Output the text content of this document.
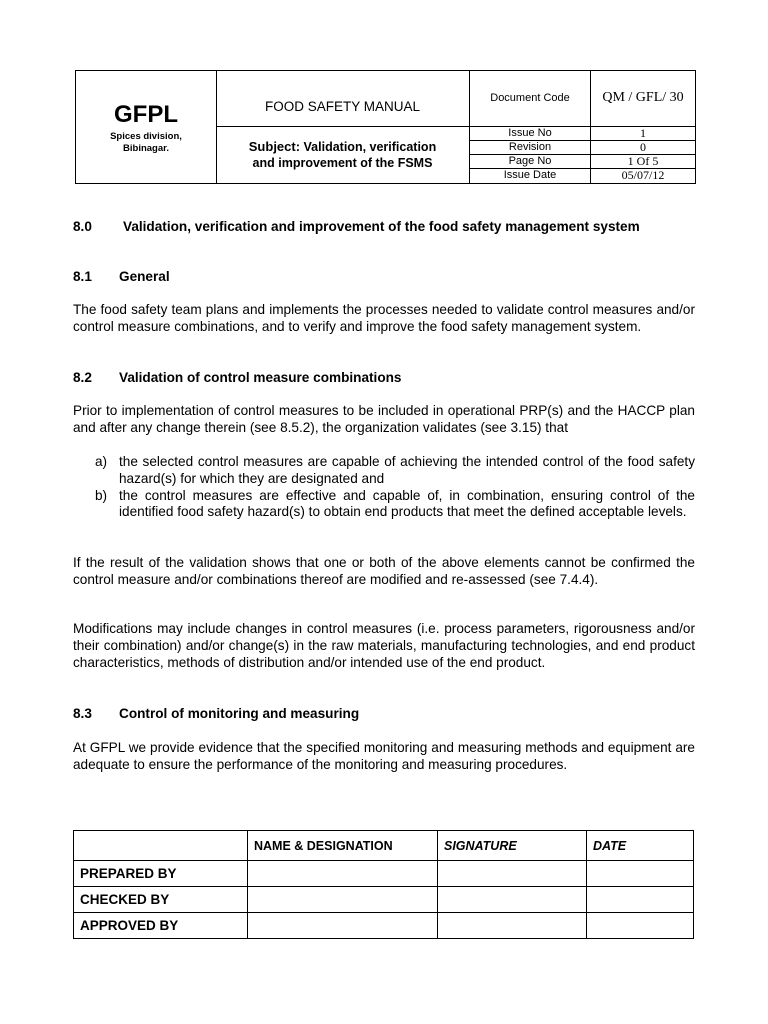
GFPL
Spices division,
Bibinagar.
FOOD SAFETY MANUAL
Subject: Validation, verification
and improvement of the FSMS
Document Code	QM / GFL/ 30
Issue No	1
Revision	0
Page No	1 Of 5
Issue Date	05/07/12
8.0 Validation, verification and improvement of the food safety management system
8.1 General
The food safety team plans and implements the processes needed to validate control measures and/or control measure combinations, and to verify and improve the food safety management system.
8.2 Validation of control measure combinations
Prior to implementation of control measures to be included in operational PRP(s) and the HACCP plan and after any change therein (see 8.5.2), the organization validates (see 3.15) that
a) the selected control measures are capable of achieving the intended control of the food safety hazard(s) for which they are designated and
b) the control measures are effective and capable of, in combination, ensuring control of the identified food safety hazard(s) to obtain end products that meet the defined acceptable levels.
If the result of the validation shows that one or both of the above elements cannot be confirmed the control measure and/or combinations thereof are modified and re-assessed (see 7.4.4).
Modifications may include changes in control measures (i.e. process parameters, rigorousness and/or their combination) and/or change(s) in the raw materials, manufacturing technologies, and end product characteristics, methods of distribution and/or intended use of the end product.
8.3 Control of monitoring and measuring
At GFPL we provide evidence that the specified monitoring and measuring methods and equipment are adequate to ensure the performance of the monitoring and measuring procedures.
	NAME & DESIGNATION	SIGNATURE	DATE
PREPARED BY			
CHECKED BY			
APPROVED BY			
